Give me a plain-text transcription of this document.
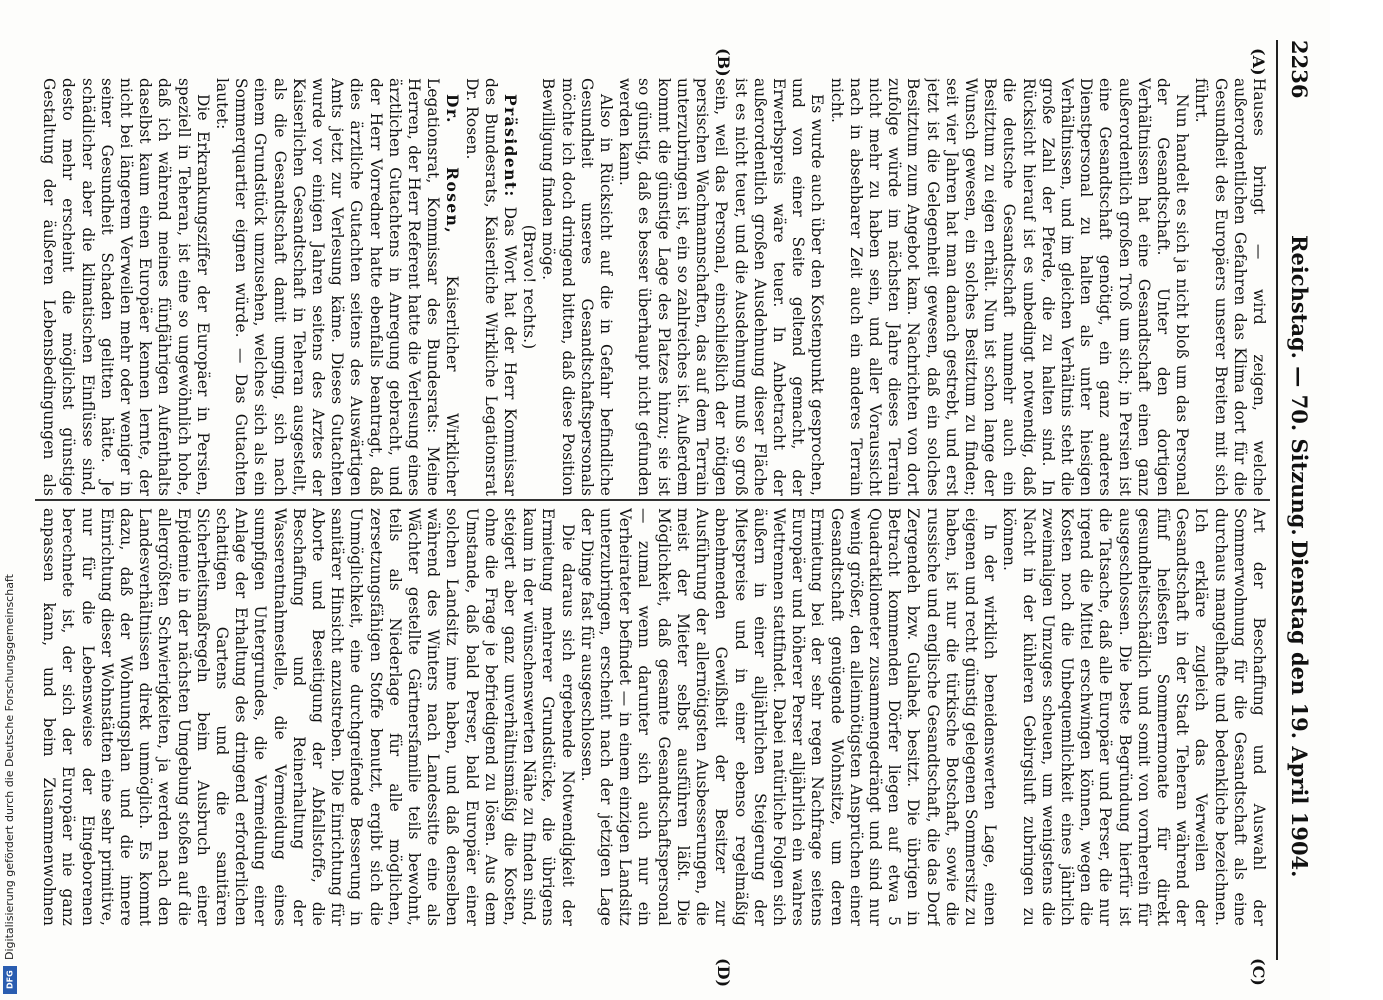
2236
Reichstag. — 70. Sitzung.
Dienstag den 19. April 1904.
(A)
(B)
(C)
(D)

Hauses bringt — wird zeigen, welche außerordentlichen Gefahren das Klima dort für die Gesundheit des Europäers unserer Breiten mit sich führt.

Nun handelt es sich ja nicht bloß um das Personal der Gesandtschaft. Unter den dortigen Verhältnissen hat eine Gesandtschaft einen ganz außerordentlich großen Troß um sich; in Persien ist eine Gesandtschaft genötigt, ein ganz anderes Dienstpersonal zu halten als unter hiesigen Verhältnissen, und im gleichen Verhältnis steht die große Zahl der Pferde, die zu halten sind. In Rücksicht hierauf ist es unbedingt notwendig, daß die deutsche Gesandtschaft nunmehr auch ein Besitztum zu eigen erhält. Nun ist schon lange der Wunsch gewesen, ein solches Besitztum zu finden; seit vier Jahren hat man danach gestrebt, und erst jetzt ist die Gelegenheit gewesen, daß ein solches Besitztum zum Angebot kam. Nachrichten von dort zufolge würde im nächsten Jahre dieses Terrain nicht mehr zu haben sein, und aller Voraussicht nach in absehbarer Zeit auch ein anderes Terrain nicht.

Es wurde auch über den Kostenpunkt gesprochen, und von einer Seite geltend gemacht, der Erwerbspreis wäre teuer. In Anbetracht der außerordentlich großen Ausdehnung dieser Fläche ist es nicht teuer, und die Ausdehnung muß so groß sein, weil das Personal, einschließlich der nötigen persischen Wachmannschaften, das auf dem Terrain unterzubringen ist, ein so zahlreiches ist. Außerdem kommt die günstige Lage des Platzes hinzu; sie ist so günstig, daß es besser überhaupt nicht gefunden werden kann.

Also in Rücksicht auf die in Gefahr befindliche Gesundheit unseres Gesandtschaftspersonals möchte ich doch dringend bitten, daß diese Position Bewilligung finden möge.

(Bravo! rechts.)

Präsident: Das Wort hat der Herr Kommissar des Bundesrats, Kaiserliche Wirkliche Legationsrat Dr. Rosen.

Dr. Rosen, Kaiserlicher Wirklicher Legationsrat, Kommissar des Bundesrats: Meine Herren, der Herr Referent hatte die Verlesung eines ärztlichen Gutachtens in Anregung gebracht, und der Herr Vorredner hatte ebenfalls beantragt, daß dies ärztliche Gutachten seitens des Auswärtigen Amts jetzt zur Verlesung käme. Dieses Gutachten wurde vor einigen Jahren seitens des Arztes der Kaiserlichen Gesandtschaft in Teheran ausgestellt, als die Gesandtschaft damit umging, sich nach einem Grundstück umzusehen, welches sich als ein Sommerquartier eignen würde. — Das Gutachten lautet:

Die Erkrankungsziffer der Europäer in Persien, speziell in Teheran, ist eine so ungewöhnlich hohe, daß ich während meines fünfjährigen Aufenthalts daselbst kaum einen Europäer kennen lernte, der nicht bei längerem Verweilen mehr oder weniger in seiner Gesundheit Schaden gelitten hätte. Je schädlicher aber die klimatischen Einflüsse sind, desto mehr erscheint die möglichst günstige Gestaltung der äußeren Lebensbedingungen als

Art der Beschaffung und Auswahl der Sommerwohnung für die Gesandtschaft als eine durchaus mangelhafte und bedenkliche bezeichnen. Ich erkläre zugleich das Verweilen der Gesandtschaft in der Stadt Teheran während der fünf heißesten Sommermonate für direkt gesundheitsschädlich und somit von vornherein für ausgeschlossen. Die beste Begründung hierfür ist die Tatsache, daß alle Europäer und Perser, die nur irgend die Mittel erschwingen können, wegen die Kosten noch die Unbequemlichkeit eines jährlich zweimaligen Umzuges scheuen, um wenigstens die Nacht in der kühleren Gebirgsluft zubringen zu können.

In der wirklich beneidenswerten Lage, einen eigenen und recht günstig gelegenen Sommersitz zu haben, ist nur die türkische Botschaft, sowie die russische und englische Gesandtschaft, die das Dorf Zergendeh bzw. Gulahek besitzt. Die übrigen in Betracht kommenden Dörfer liegen auf etwa 5 Quadratkilometer zusammengedrängt und sind nur wenig größer, den alleinnötigsten Ansprüchen einer Gesandtschaft genügende Wohnsitze, um deren Ermietung bei der sehr regen Nachfrage seitens Europäer und höherer Perser alljährlich ein wahres Wettrennen stattfindet. Dabei natürliche Folgen sich äußern in einer alljährlichen Steigerung der Mietspreise und in einer ebenso regelmäßig abnehmenden Gewißheit der Besitzer zur Ausführung der allernötigsten Ausbesserungen, die meist der Mieter selbst ausführen läßt. Die Möglichkeit, daß gesamte Gesandtschaftspersonal — zumal wenn darunter sich auch nur ein Verheirateter befindet — in einem einzigen Landsitz unterzubringen, erscheint nach der jetzigen Lage der Dinge fast für ausgeschlossen.

Die daraus sich ergebende Notwendigkeit der Ermietung mehrerer Grundstücke, die übrigens kaum in der wünschenswerten Nähe zu finden sind, steigert aber ganz unverhältnismäßig die Kosten, ohne die Frage je befriedigend zu lösen. Aus dem Umstande, daß bald Perser, bald Europäer einer solchen Landsitz inne haben, und daß denselben während des Winters nach Landessitte eine als Wächter gestellte Gärtnersfamilie teils bewohnt, teils als Niederlage für alle möglichen, zersetzungsfähigen Stoffe benutzt, ergibt sich die Unmöglichkeit, eine durchgreifende Besserung in sanitärer Hinsicht anzustreben. Die Einrichtung für Aborte und Beseitigung der Abfallstoffe, die Beschaffung und Reinerhaltung der Wasserentnahmestelle, die Vermeidung eines sumpfigen Untergrundes, die Vermeidung einer Anlage der Erhaltung des dringend erforderlichen schattigen Gartens und die sanitären Sicherheitsmaßregeln beim Ausbruch einer Epidemie in der nächsten Umgebung stoßen auf die allergrößten Schwierigkeiten, ja werden nach den Landesverhältnissen direkt unmöglich. Es kommt dazu, daß der Wohnungsplan und die innere Einrichtung dieser Wohnstätten eine sehr primitive, nur für die Lebensweise der Eingeborenen berechnete ist, der sich der Europäer nie ganz anpassen kann, und beim Zusammenwohnen

Digitalisierung gefördert durch die Deutsche Forschungsgemeinschaft
DFG
